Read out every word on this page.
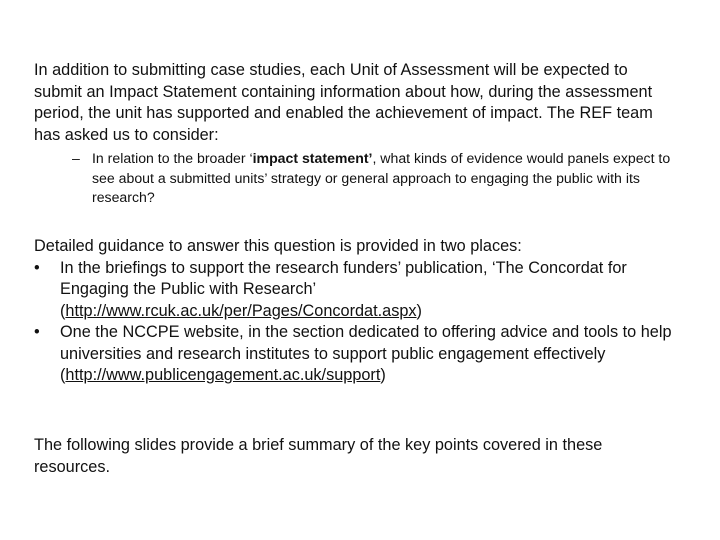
In addition to submitting case studies, each Unit of Assessment will be expected to submit an Impact Statement containing information about how, during the assessment period, the unit has supported and enabled the achievement of impact. The REF team has asked us to consider:

– In relation to the broader ‘impact statement’, what kinds of evidence would panels expect to see about a submitted units’ strategy or general approach to engaging the public with its research?

Detailed guidance to answer this question is provided in two places:

• In the briefings to support the research funders’ publication, ‘The Concordat for Engaging the Public with Research’ (http://www.rcuk.ac.uk/per/Pages/Concordat.aspx)
• One the NCCPE website, in the section dedicated to offering advice and tools to help universities and research institutes to support public engagement effectively (http://www.publicengagement.ac.uk/support)

The following slides provide a brief summary of the key points covered in these resources.
